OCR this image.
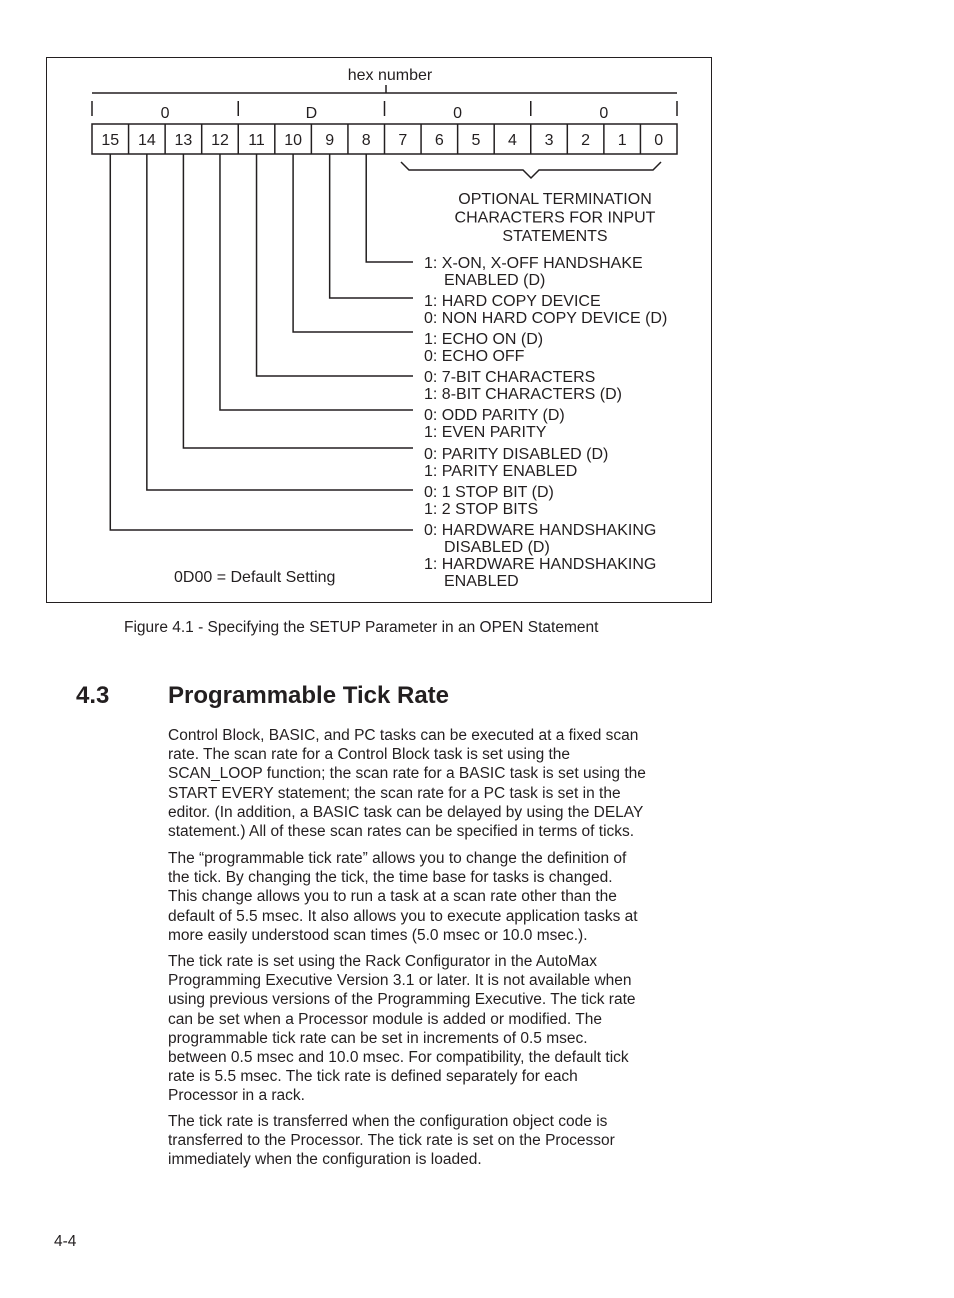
hex number
0	D	0	0
15 14 13 12 11 10 9 8 7 6 5 4 3 2 1 0
OPTIONAL TERMINATION
CHARACTERS FOR INPUT
STATEMENTS
1: X-ON, X-OFF HANDSHAKE
ENABLED (D)
1: HARD COPY DEVICE
0: NON HARD COPY DEVICE (D)
1: ECHO ON (D)
0: ECHO OFF
0: 7-BIT CHARACTERS
1: 8-BIT CHARACTERS (D)
0: ODD PARITY (D)
1: EVEN PARITY
0: PARITY DISABLED (D)
1: PARITY ENABLED
0: 1 STOP BIT (D)
1: 2 STOP BITS
0: HARDWARE HANDSHAKING
DISABLED (D)
1: HARDWARE HANDSHAKING
ENABLED
0D00 = Default Setting
Figure 4.1 - Specifying the SETUP Parameter in an OPEN Statement
4.3 Programmable Tick Rate
Control Block, BASIC, and PC tasks can be executed at a fixed scan
rate. The scan rate for a Control Block task is set using the
SCAN_LOOP function; the scan rate for a BASIC task is set using the
START EVERY statement; the scan rate for a PC task is set in the
editor. (In addition, a BASIC task can be delayed by using the DELAY
statement.) All of these scan rates can be specified in terms of ticks.
The “programmable tick rate” allows you to change the definition of
the tick. By changing the tick, the time base for tasks is changed.
This change allows you to run a task at a scan rate other than the
default of 5.5 msec. It also allows you to execute application tasks at
more easily understood scan times (5.0 msec or 10.0 msec.).
The tick rate is set using the Rack Configurator in the AutoMax
Programming Executive Version 3.1 or later. It is not available when
using previous versions of the Programming Executive. The tick rate
can be set when a Processor module is added or modified. The
programmable tick rate can be set in increments of 0.5 msec.
between 0.5 msec and 10.0 msec. For compatibility, the default tick
rate is 5.5 msec. The tick rate is defined separately for each
Processor in a rack.
The tick rate is transferred when the configuration object code is
transferred to the Processor. The tick rate is set on the Processor
immediately when the configuration is loaded.
4-4
